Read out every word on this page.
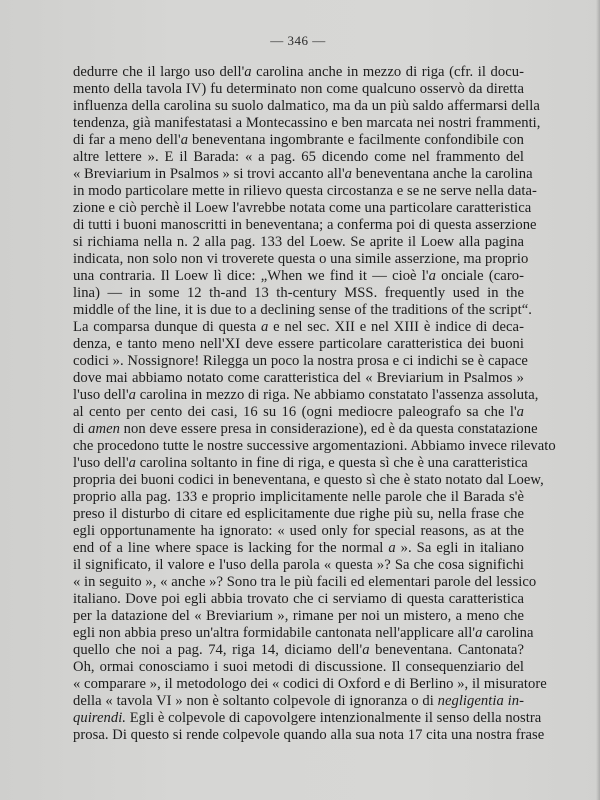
— 346 —
dedurre che il largo uso dell'a carolina anche in mezzo di riga (cfr. il docu-
mento della tavola IV) fu determinato non come qualcuno osservò da diretta
influenza della carolina su suolo dalmatico, ma da un più saldo affermarsi della
tendenza, già manifestatasi a Montecassino e ben marcata nei nostri frammenti,
di far a meno dell'a beneventana ingombrante e facilmente confondibile con
altre lettere ». E il Barada: « a pag. 65 dicendo come nel frammento del
« Breviarium in Psalmos » si trovi accanto all'a beneventana anche la carolina
in modo particolare mette in rilievo questa circostanza e se ne serve nella data-
zione e ciò perchè il Loew l'avrebbe notata come una particolare caratteristica
di tutti i buoni manoscritti in beneventana; a conferma poi di questa asserzione
si richiama nella n. 2 alla pag. 133 del Loew. Se aprite il Loew alla pagina
indicata, non solo non vi troverete questa o una simile asserzione, ma proprio
una contraria. Il Loew lì dice: „When we find it — cioè l'a onciale (caro-
lina) — in some 12 th-and 13 th-century MSS. frequently used in the
middle of the line, it is due to a declining sense of the traditions of the script“.
La comparsa dunque di questa a e nel sec. XII e nel XIII è indice di deca-
denza, e tanto meno nell'XI deve essere particolare caratteristica dei buoni
codici ». Nossignore! Rilegga un poco la nostra prosa e ci indichi se è capace
dove mai abbiamo notato come caratteristica del « Breviarium in Psalmos »
l'uso dell'a carolina in mezzo di riga. Ne abbiamo constatato l'assenza assoluta,
al cento per cento dei casi, 16 su 16 (ogni mediocre paleografo sa che l'a
di amen non deve essere presa in considerazione), ed è da questa constatazione
che procedono tutte le nostre successive argomentazioni. Abbiamo invece rilevato
l'uso dell'a carolina soltanto in fine di riga, e questa sì che è una caratteristica
propria dei buoni codici in beneventana, e questo sì che è stato notato dal Loew,
proprio alla pag. 133 e proprio implicitamente nelle parole che il Barada s'è
preso il disturbo di citare ed esplicitamente due righe più su, nella frase che
egli opportunamente ha ignorato: « used only for special reasons, as at the
end of a line where space is lacking for the normal a ». Sa egli in italiano
il significato, il valore e l'uso della parola « questa »? Sa che cosa significhi
« in seguito », « anche »? Sono tra le più facili ed elementari parole del lessico
italiano. Dove poi egli abbia trovato che ci serviamo di questa caratteristica
per la datazione del « Breviarium », rimane per noi un mistero, a meno che
egli non abbia preso un'altra formidabile cantonata nell'applicare all'a carolina
quello che noi a pag. 74, riga 14, diciamo dell'a beneventana. Cantonata?
Oh, ormai conosciamo i suoi metodi di discussione. Il consequenziario del
« comparare », il metodologo dei « codici di Oxford e di Berlino », il misuratore
della « tavola VI » non è soltanto colpevole di ignoranza o di negligentia in-
quirendi. Egli è colpevole di capovolgere intenzionalmente il senso della nostra
prosa. Di questo si rende colpevole quando alla sua nota 17 cita una nostra frase
